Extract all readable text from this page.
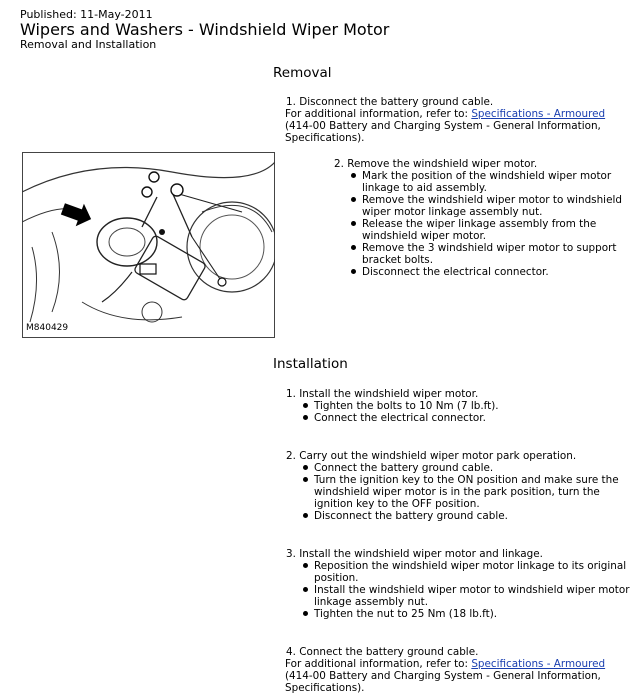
Published: 11-May-2011
Wipers and Washers - Windshield Wiper Motor
Removal and Installation
Removal

1. Disconnect the battery ground cable.

For additional information, refer to: Specifications - Armoured (414-00 Battery and Charging System - General Information, Specifications).

M840429

2. Remove the windshield wiper motor.

Mark the position of the windshield wiper motor linkage to aid assembly.
Remove the windshield wiper motor to windshield wiper motor linkage assembly nut.
Release the wiper linkage assembly from the windshield wiper motor.
Remove the 3 windshield wiper motor to support bracket bolts.
Disconnect the electrical connector.
Installation

1. Install the windshield wiper motor.

Tighten the bolts to 10 Nm (7 lb.ft).
Connect the electrical connector.

2. Carry out the windshield wiper motor park operation.

Connect the battery ground cable.
Turn the ignition key to the ON position and make sure the windshield wiper motor is in the park position, turn the ignition key to the OFF position.
Disconnect the battery ground cable.

3. Install the windshield wiper motor and linkage.

Reposition the windshield wiper motor linkage to its original position.
Install the windshield wiper motor to windshield wiper motor linkage assembly nut.
Tighten the nut to 25 Nm (18 lb.ft).

4. Connect the battery ground cable.

For additional information, refer to: Specifications - Armoured (414-00 Battery and Charging System - General Information, Specifications).
